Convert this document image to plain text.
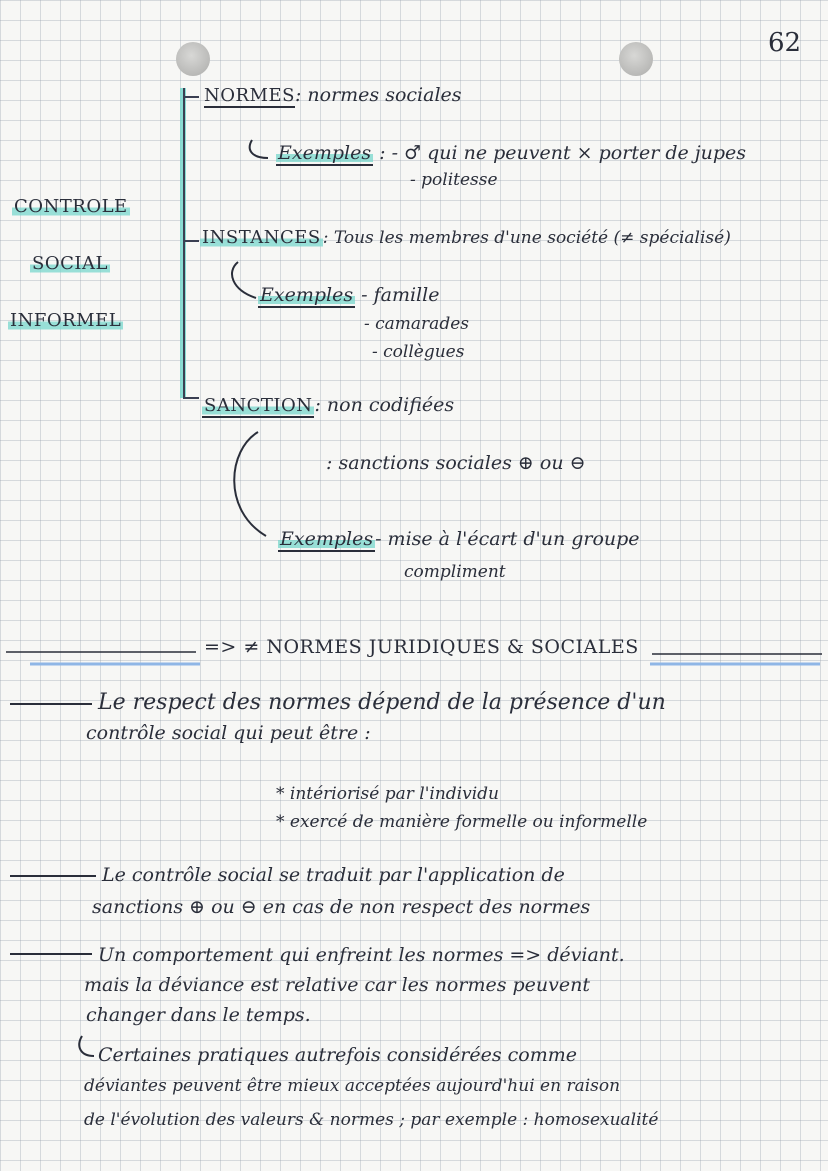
62
CONTROLE
SOCIAL
INFORMEL
NORMES: normes sociales
Exemples : - ♂ qui ne peuvent × porter de jupes
- politesse
INSTANCES : Tous les membres d'une société (≠ spécialisé)
Exemples - famille
- camarades
- collègues
SANCTION : non codifiées
: sanctions sociales ⊕ ou ⊖
Exemples - mise à l'écart d'un groupe
compliment
=> ≠ NORMES JURIDIQUES & SOCIALES
Le respect des normes dépend de la présence d'un
contrôle social qui peut être :
* intériorisé par l'individu
* exercé de manière formelle ou informelle
Le contrôle social se traduit par l'application de
sanctions ⊕ ou ⊖ en cas de non respect des normes
Un comportement qui enfreint les normes => déviant.
mais la déviance est relative car les normes peuvent
changer dans le temps.
Certaines pratiques autrefois considérées comme
déviantes peuvent être mieux acceptées aujourd'hui en raison
de l'évolution des valeurs & normes ; par exemple : homosexualité
